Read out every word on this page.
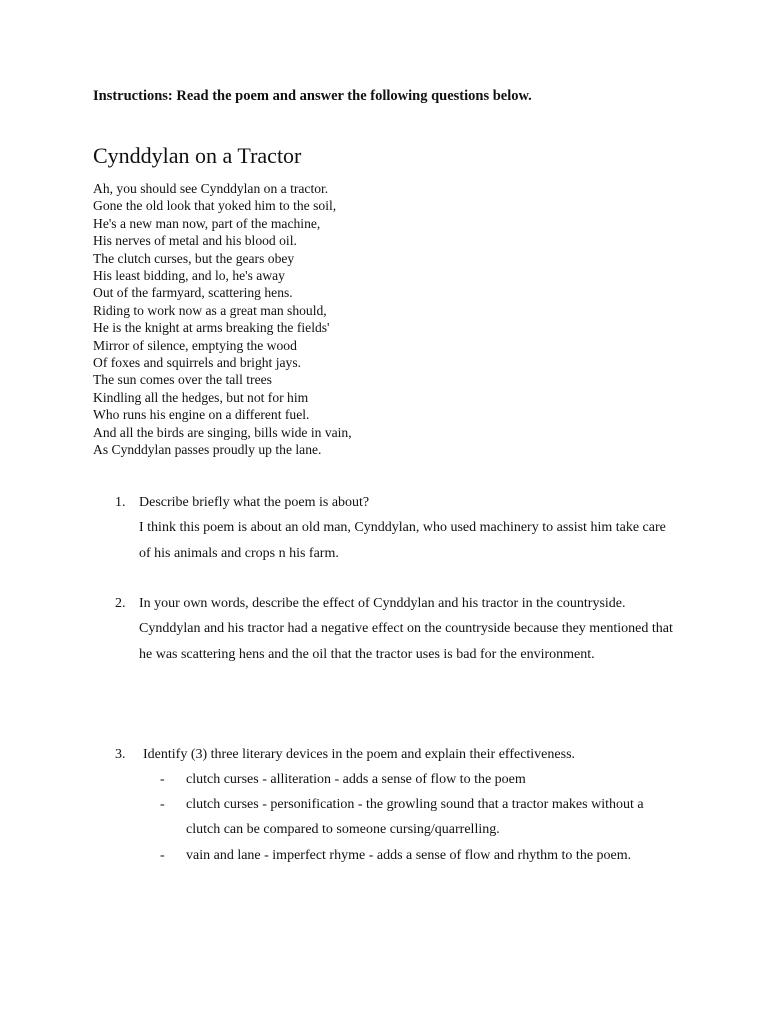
Instructions: Read the poem and answer the following questions below.
Cynddylan on a Tractor
Ah, you should see Cynddylan on a tractor.
Gone the old look that yoked him to the soil,
He's a new man now, part of the machine,
His nerves of metal and his blood oil.
The clutch curses, but the gears obey
His least bidding, and lo, he's away
Out of the farmyard, scattering hens.
Riding to work now as a great man should,
He is the knight at arms breaking the fields'
Mirror of silence, emptying the wood
Of foxes and squirrels and bright jays.
The sun comes over the tall trees
Kindling all the hedges, but not for him
Who runs his engine on a different fuel.
And all the birds are singing, bills wide in vain,
As Cynddylan passes proudly up the lane.
1. Describe briefly what the poem is about?
I think this poem is about an old man, Cynddylan, who used machinery to assist him take care of his animals and crops n his farm.
2. In your own words, describe the effect of Cynddylan and his tractor in the countryside.
Cynddylan and his tractor had a negative effect on the countryside because they mentioned that he was scattering hens and the oil that the tractor uses is bad for the environment.
3.	Identify (3) three literary devices in the poem and explain their effectiveness.
- clutch curses - alliteration - adds a sense of flow to the poem
- clutch curses - personification - the growling sound that a tractor makes without a clutch can be compared to someone cursing/quarrelling.
- vain and lane - imperfect rhyme - adds a sense of flow and rhythm to the poem.
